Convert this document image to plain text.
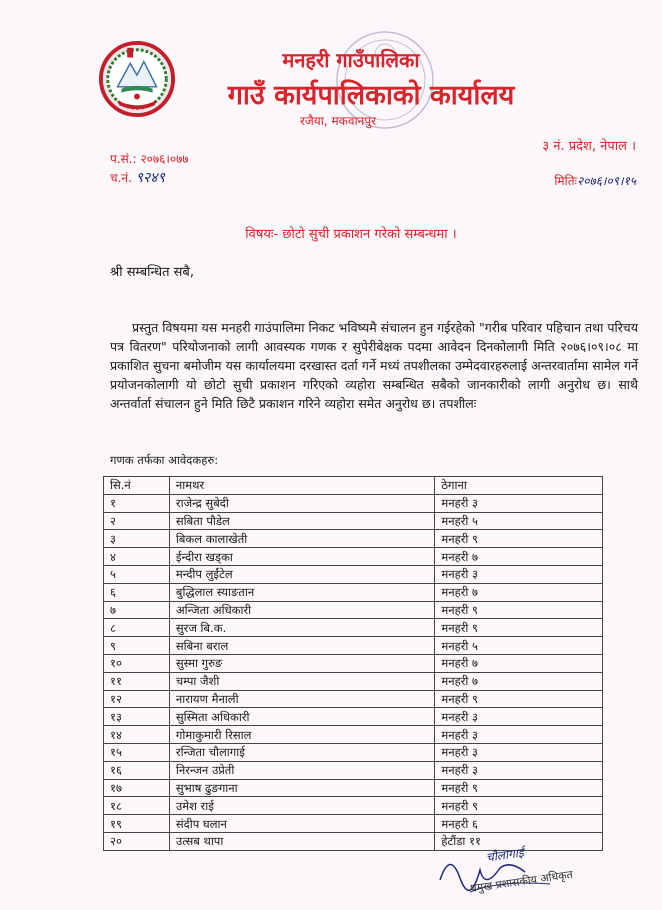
मनहरी गाउँपालिका
गाउँ कार्यपालिकाको कार्यालय
रजैया, मकवानपुर
३ नं. प्रदेश, नेपाल ।
प.सं.: २०७६।०७७
च.नं. ९२४९	मितिः२०७६।०९।१५
विषयः- छोटो सुची प्रकाशन गरेको सम्बन्धमा ।
श्री सम्बन्धित सबै,
प्रस्तुत विषयमा यस मनहरी गाउंपालिमा निकट भविष्यमै संचालन हुन गईरहेको "गरीब परिवार पहिचान तथा परिचय पत्र वितरण" परियोजनाको लागी आवस्यक गणक र सुपेरीबेक्षक पदमा आवेदन दिनकोलागी मिति २०७६।०९।०८ मा प्रकाशित सुचना बमोजीम यस कार्यालयमा दरखास्त दर्ता गर्ने मध्यं तपशीलका उम्मेदवारहरुलाई अन्तरवार्तामा सामेल गर्ने प्रयोजनकोलागी यो छोटो सुची प्रकाशन गरिएको व्यहोरा सम्बन्धित सबैको जानकारीको लागी अनुरोध छ। साथै अन्तर्वार्ता संचालन हुने मिति छिटै प्रकाशन गरिने व्यहोरा समेत अनुरोध छ। तपशीलः
गणक तर्फका आवेदकहरु:
सि.नं	नामथर	ठेगाना
१	राजेन्द्र सुबेदी	मनहरी ३
२	सबिता पौडेल	मनहरी ५
३	बिकल कालाखेती	मनहरी ९
४	ईन्दीरा खड्का	मनहरी ७
५	मन्दीप लुईंटेल	मनहरी ३
६	बुद्धिलाल स्याङतान	मनहरी ७
७	अन्जिता अधिकारी	मनहरी ९
८	सुरज बि.क.	मनहरी ९
९	सबिना बराल	मनहरी ५
१०	सुस्मा गुरुङ	मनहरी ७
११	चम्पा जैशी	मनहरी ७
१२	नारायण मैनाली	मनहरी ९
१३	सुस्मिता अधिकारी	मनहरी ३
१४	गोमाकुमारी रिसाल	मनहरी ३
१५	रन्जिता चौलागाई	मनहरी ३
१६	निरन्जन उप्रेती	मनहरी ३
१७	सुभाष ढुङगाना	मनहरी ९
१८	उमेश राई	मनहरी ९
१९	संदीप घलान	मनहरी ६
२०	उत्सब थापा	हेटौंडा ११
चौलागाई
प्रमुख प्रशासकीय अधिकृत
